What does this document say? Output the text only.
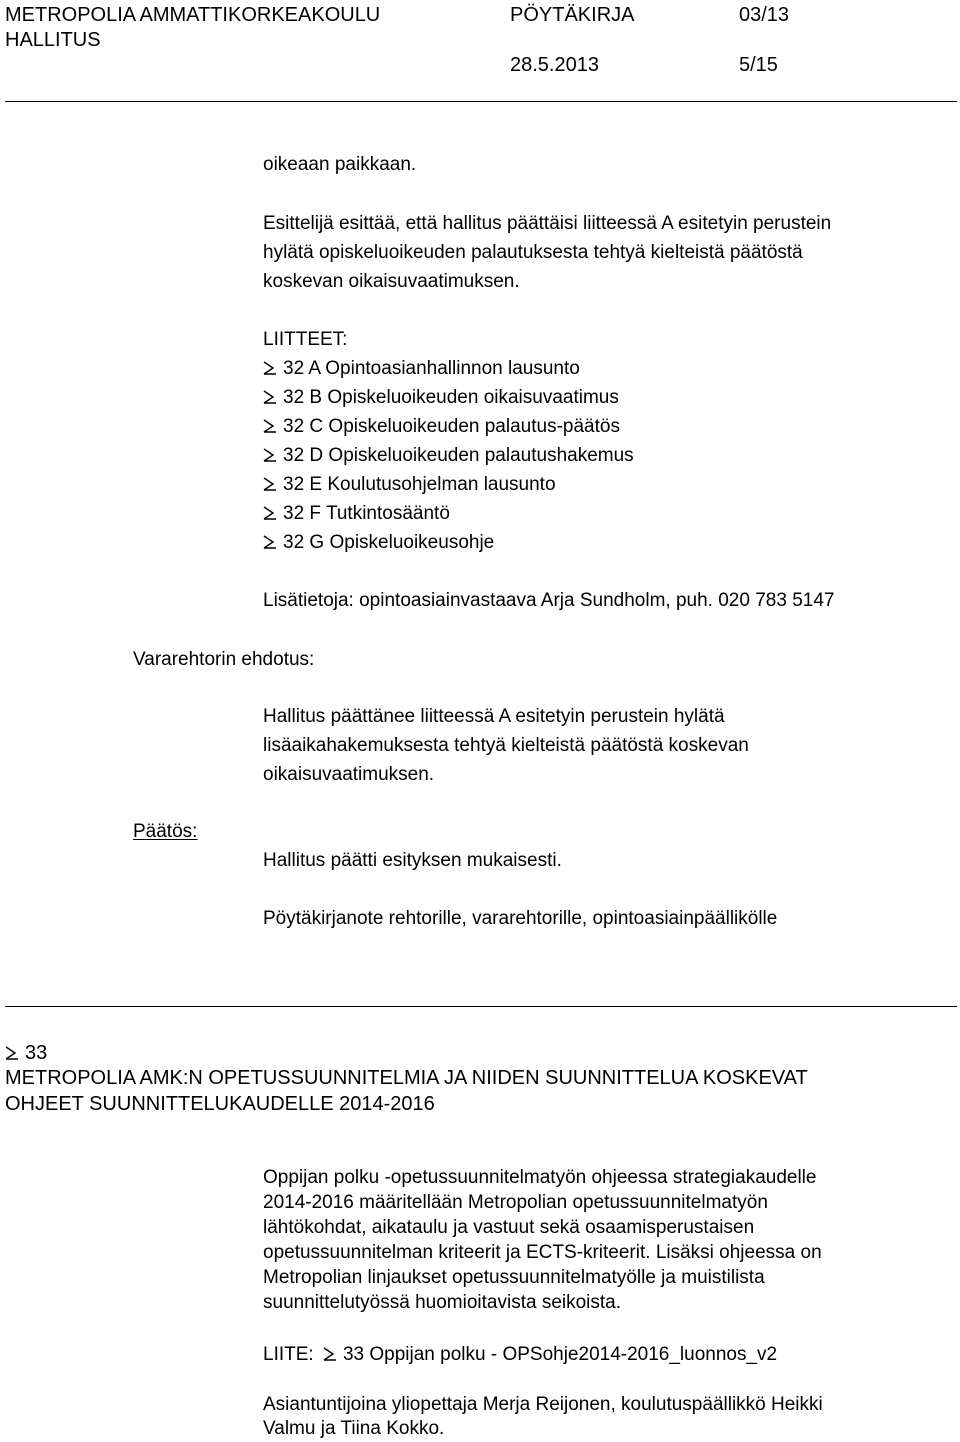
METROPOLIA AMMATTIKORKEAKOULU
HALLITUS
PÖYTÄKIRJA	03/13
28.5.2013	5/15
oikeaan paikkaan.
Esittelijä esittää, että hallitus päättäisi liitteessä A esitetyin perustein
hylätä opiskeluoikeuden palautuksesta tehtyä kielteistä päätöstä
koskevan oikaisuvaatimuksen.
LIITTEET:
32 A Opintoasianhallinnon lausunto
32 B Opiskeluoikeuden oikaisuvaatimus
32 C Opiskeluoikeuden palautus-päätös
32 D Opiskeluoikeuden palautushakemus
32 E Koulutusohjelman lausunto
32 F Tutkintosääntö
32 G Opiskeluoikeusohje
Lisätietoja: opintoasiainvastaava Arja Sundholm, puh. 020 783 5147
Vararehtorin ehdotus:
Hallitus päättänee liitteessä A esitetyin perustein hylätä
lisäaikahakemuksesta tehtyä kielteistä päätöstä koskevan
oikaisuvaatimuksen.
Päätös:
Hallitus päätti esityksen mukaisesti.
Pöytäkirjanote rehtorille, vararehtorille, opintoasiainpäällikölle
33
METROPOLIA AMK:N OPETUSSUUNNITELMIA JA NIIDEN SUUNNITTELUA KOSKEVAT
OHJEET SUUNNITTELUKAUDELLE 2014-2016
Oppijan polku -opetussuunnitelmatyön ohjeessa strategiakaudelle
2014-2016 määritellään Metropolian opetussuunnitelmatyön
lähtökohdat, aikataulu ja vastuut sekä osaamisperustaisen
opetussuunnitelman kriteerit ja ECTS-kriteerit. Lisäksi ohjeessa on
Metropolian linjaukset opetussuunnitelmatyölle ja muistilista
suunnittelutyössä huomioitavista seikoista.
LIITE: 33 Oppijan polku - OPSohje2014-2016_luonnos_v2
Asiantuntijoina yliopettaja Merja Reijonen, koulutuspäällikkö Heikki
Valmu ja Tiina Kokko.
